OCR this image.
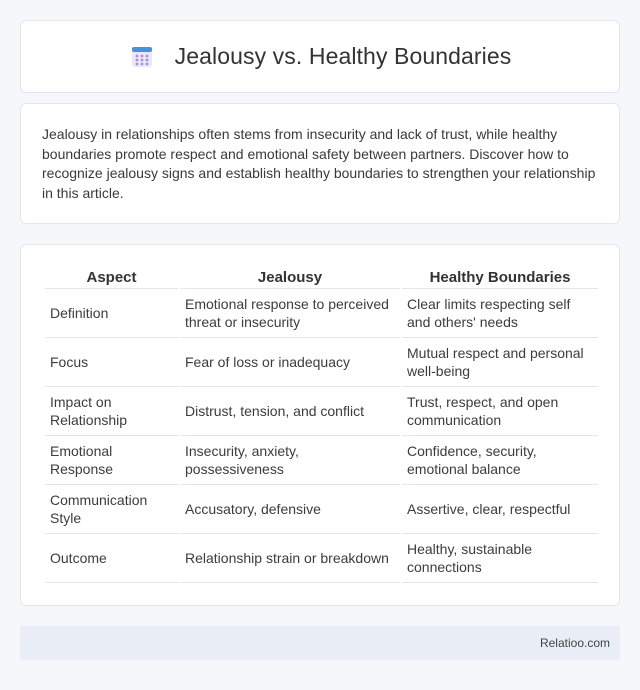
Jealousy vs. Healthy Boundaries

Jealousy in relationships often stems from insecurity and lack of trust, while healthy boundaries promote respect and emotional safety between partners. Discover how to recognize jealousy signs and establish healthy boundaries to strengthen your relationship in this article.

Aspect	Jealousy	Healthy Boundaries
Definition	Emotional response to perceived threat or insecurity	Clear limits respecting self and others' needs
Focus	Fear of loss or inadequacy	Mutual respect and personal well-being
Impact on Relationship	Distrust, tension, and conflict	Trust, respect, and open communication
Emotional Response	Insecurity, anxiety, possessiveness	Confidence, security, emotional balance
Communication Style	Accusatory, defensive	Assertive, clear, respectful
Outcome	Relationship strain or breakdown	Healthy, sustainable connections
Relatioo.com
